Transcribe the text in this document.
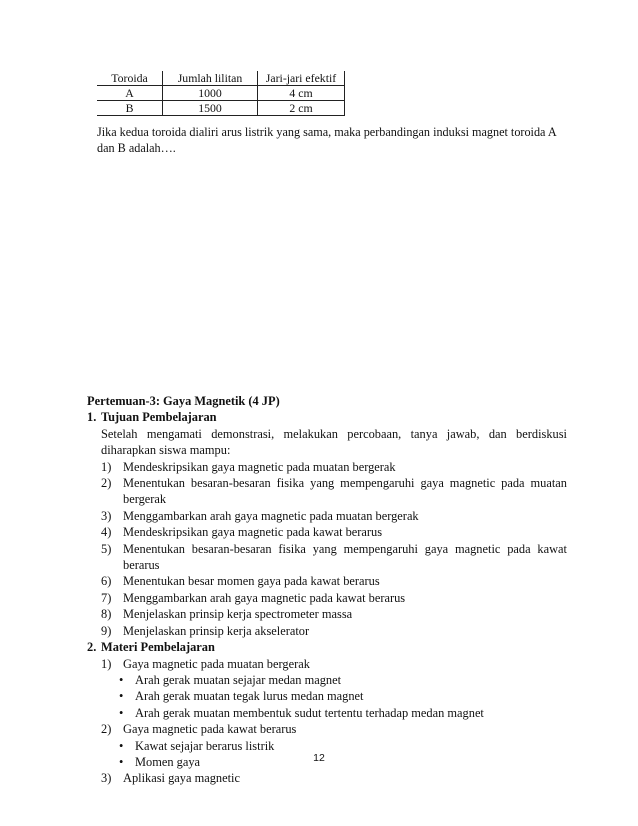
Toroida	Jumlah lilitan	Jari-jari efektif
A	1000	4 cm
B	1500	2 cm
Jika kedua toroida dialiri arus listrik yang sama, maka perbandingan induksi magnet toroida A dan B adalah….
Pertemuan-3: Gaya Magnetik (4 JP)
1. Tujuan Pembelajaran
Setelah mengamati demonstrasi, melakukan percobaan, tanya jawab, dan berdiskusi diharapkan siswa mampu:
1) Mendeskripsikan gaya magnetic pada muatan bergerak
2) Menentukan besaran-besaran fisika yang mempengaruhi gaya magnetic pada muatan bergerak
3) Menggambarkan arah gaya magnetic pada muatan bergerak
4) Mendeskripsikan gaya magnetic pada kawat berarus
5) Menentukan besaran-besaran fisika yang mempengaruhi gaya magnetic pada kawat berarus
6) Menentukan besar momen gaya pada kawat berarus
7) Menggambarkan arah gaya magnetic pada kawat berarus
8) Menjelaskan prinsip kerja spectrometer massa
9) Menjelaskan prinsip kerja akselerator
2. Materi Pembelajaran
1) Gaya magnetic pada muatan bergerak
• Arah gerak muatan sejajar medan magnet
• Arah gerak muatan tegak lurus medan magnet
• Arah gerak muatan membentuk sudut tertentu terhadap medan magnet
2) Gaya magnetic pada kawat berarus
• Kawat sejajar berarus listrik
• Momen gaya
3) Aplikasi gaya magnetic
12
